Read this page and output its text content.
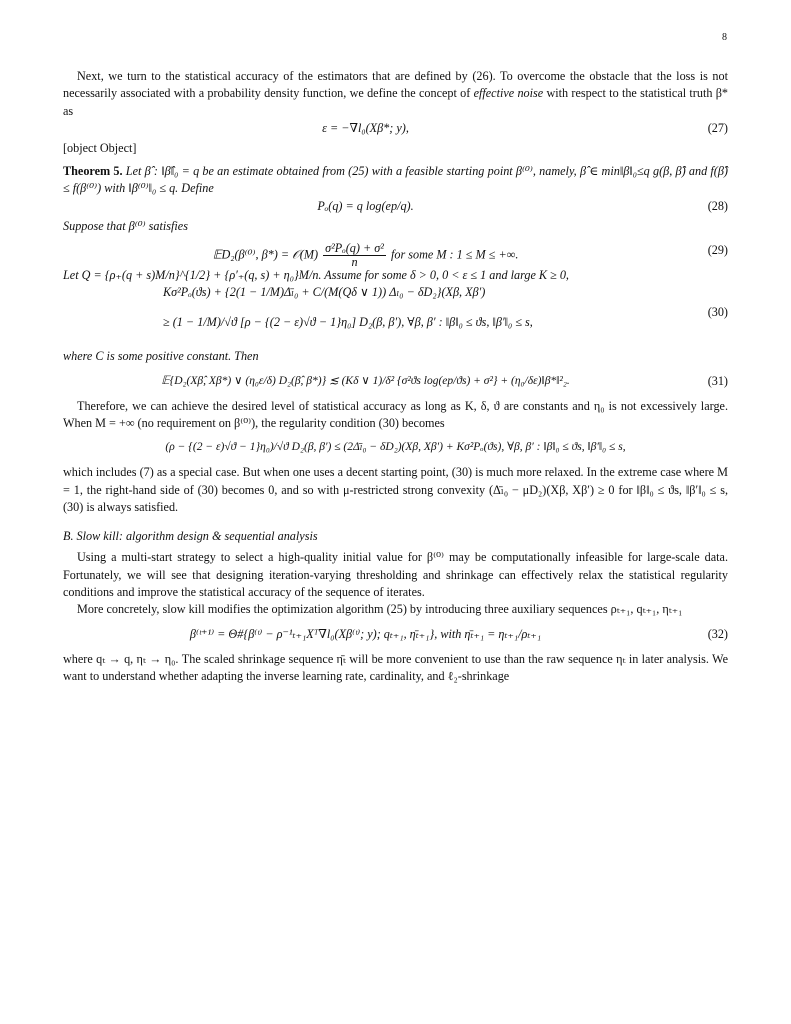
8

Next, we turn to the statistical accuracy of the estimators that are defined by (26). To overcome the obstacle that the loss is not necessarily associated with a probability density function, we define the concept of effective noise with respect to the statistical truth β* as

ε = −∇l₀(Xβ*; y),	(27)

[object Object]

Theorem 5. Let β̂ : ‖β̂‖₀ = q be an estimate obtained from (25) with a feasible starting point β⁽⁰⁾, namely, β̂ ∈ min‖β‖₀≤q g(β, β̂) and f(β̂) ≤ f(β⁽⁰⁾) with ‖β⁽⁰⁾‖₀ ≤ q. Define

Pₒ(q) = q log(ep/q).	(28)

Suppose that β⁽⁰⁾ satisfies

𝔼D₂(β⁽⁰⁾, β*) = 𝒪(M) $\frac{\text{σ²Pₒ(q) + σ²}}{n}$ for some M : 1 ≤ M ≤ +∞.	(29)

Let Q = {ρ₊(q + s)M/n}^{1/2} + {ρ′₊(q, s) + η₀}M/n. Assume for some δ > 0, 0 < ε ≤ 1 and large K ≥ 0,

Kσ²Pₒ(ϑs) + {2(1 − 1/M)Δ̄ₗ₀ + C/(M(Qδ ∨ 1)) Δₗ₀ − δD₂}(Xβ, Xβ′)
≥ (1 − 1/M)/√ϑ [ρ − {(2 − ε)√ϑ − 1}η₀] D₂(β, β′), ∀β, β′ : ‖β‖₀ ≤ ϑs, ‖β′‖₀ ≤ s,
(30)

where C is some positive constant. Then

𝔼{D₂(Xβ̂, Xβ*) ∨ (η₀ε/δ) D₂(β̂, β*)} ≲ (Kδ ∨ 1)/δ² {σ²ϑs log(ep/ϑs) + σ²} + (η₀/δε)‖β*‖²₂.	(31)

Therefore, we can achieve the desired level of statistical accuracy as long as K, δ, ϑ are constants and η₀ is not excessively large. When M = +∞ (no requirement on β⁽⁰⁾), the regularity condition (30) becomes

(ρ − {(2 − ε)√ϑ − 1}η₀)/√ϑ D₂(β, β′) ≤ (2Δ̄ₗ₀ − δD₂)(Xβ, Xβ′) + Kσ²Pₒ(ϑs), ∀β, β′ : ‖β‖₀ ≤ ϑs, ‖β′‖₀ ≤ s,

which includes (7) as a special case. But when one uses a decent starting point, (30) is much more relaxed. In the extreme case where M = 1, the right-hand side of (30) becomes 0, and so with μ-restricted strong convexity (Δ̄ₗ₀ − μD₂)(Xβ, Xβ′) ≥ 0 for ‖β‖₀ ≤ ϑs, ‖β′‖₀ ≤ s, (30) is always satisfied.

B. Slow kill: algorithm design & sequential analysis

Using a multi-start strategy to select a high-quality initial value for β⁽⁰⁾ may be computationally infeasible for large-scale data. Fortunately, we will see that designing iteration-varying thresholding and shrinkage can effectively relax the statistical regularity conditions and improve the statistical accuracy of the sequence of iterates.

More concretely, slow kill modifies the optimization algorithm (25) by introducing three auxiliary sequences ρₜ₊₁, qₜ₊₁, ηₜ₊₁

β⁽ᵗ⁺¹⁾ = Θ#{β⁽ᵗ⁾ − ρ⁻¹ₜ₊₁Xᵀ∇l₀(Xβ⁽ᵗ⁾; y); qₜ₊₁, η̄ₜ₊₁}, with η̄ₜ₊₁ = ηₜ₊₁/ρₜ₊₁	(32)

where qₜ → q, ηₜ → η₀. The scaled shrinkage sequence η̄ₜ will be more convenient to use than the raw sequence ηₜ in later analysis. We want to understand whether adapting the inverse learning rate, cardinality, and ℓ₂-shrinkage
